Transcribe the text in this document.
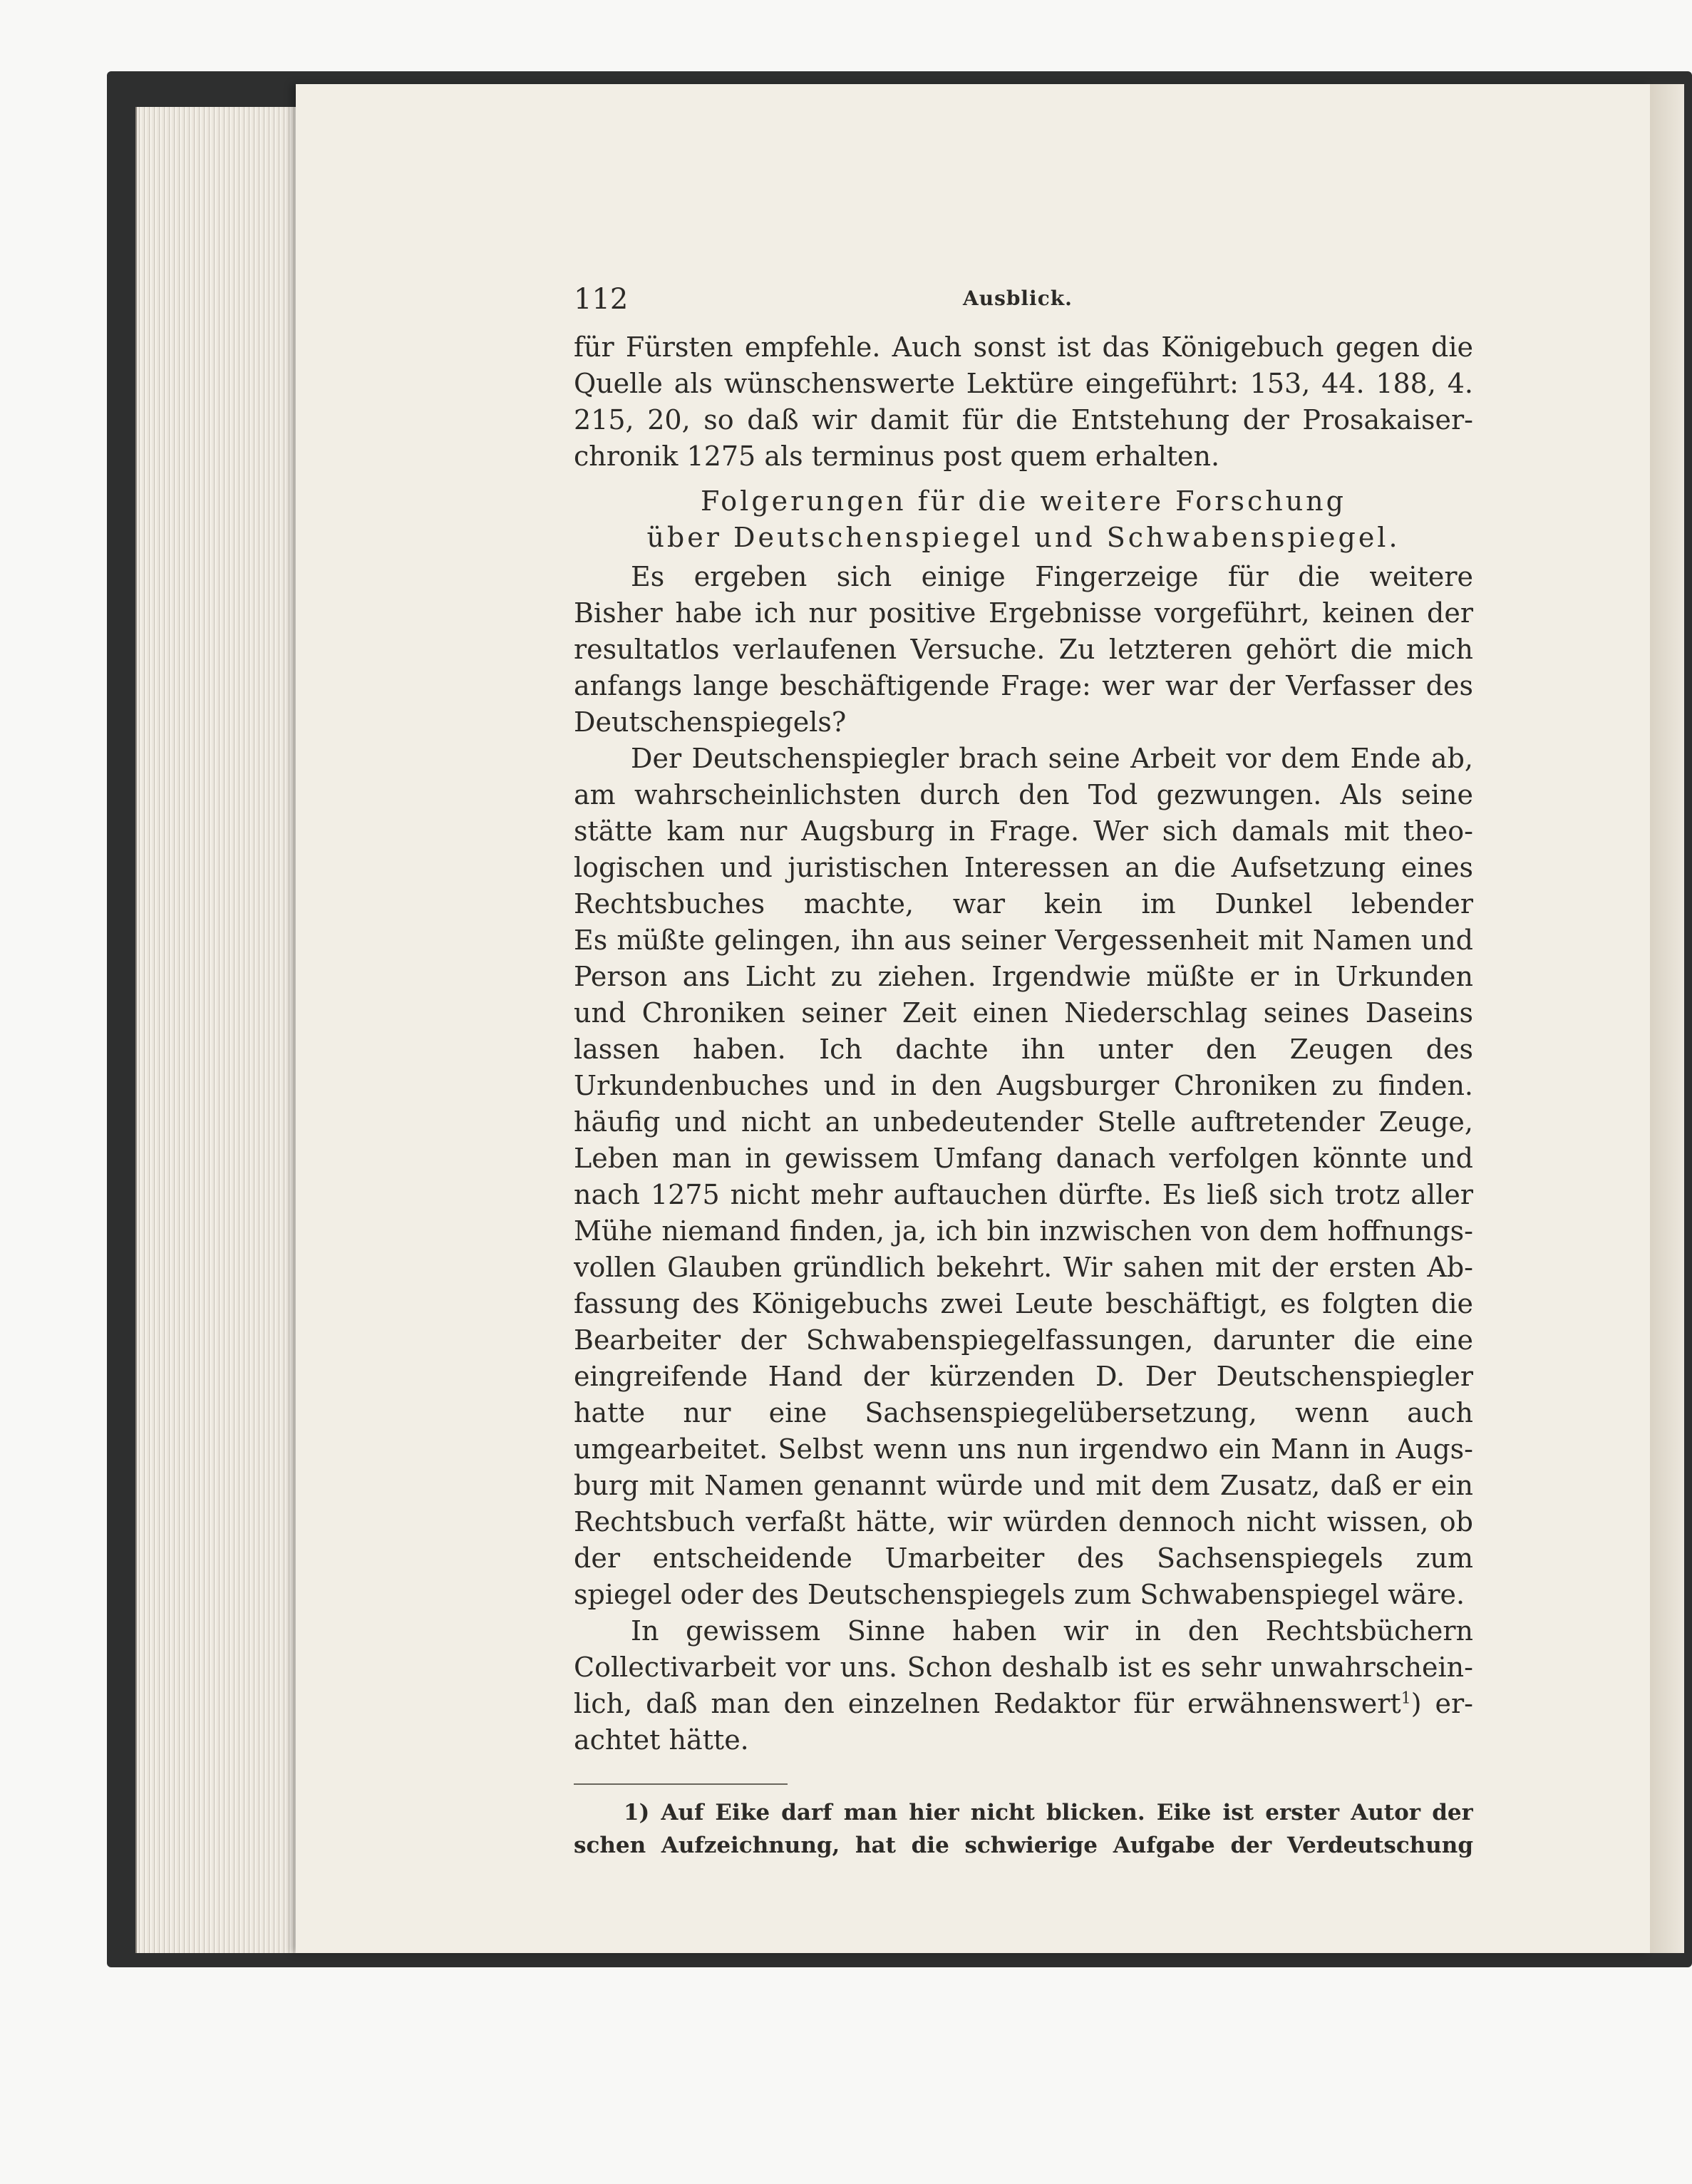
112	Ausblick.
für Fürsten empfehle. Auch sonst ist das Königebuch gegen die
Quelle als wünschenswerte Lektüre eingeführt: 153, 44. 188, 4.
215, 20, so daß wir damit für die Entstehung der Prosakaiser-
chronik 1275 als terminus post quem erhalten.
Folgerungen für die weitere Forschung
über Deutschenspiegel und Schwabenspiegel.
Es ergeben sich einige Fingerzeige für die weitere
Bisher habe ich nur positive Ergebnisse vorgeführt, keinen der
resultatlos verlaufenen Versuche. Zu letzteren gehört die mich
anfangs lange beschäftigende Frage: wer war der Verfasser des
Deutschenspiegels?
Der Deutschenspiegler brach seine Arbeit vor dem Ende ab,
am wahrscheinlichsten durch den Tod gezwungen. Als seine
stätte kam nur Augsburg in Frage. Wer sich damals mit theo-
logischen und juristischen Interessen an die Aufsetzung eines
Rechtsbuches machte, war kein im Dunkel lebender
Es müßte gelingen, ihn aus seiner Vergessenheit mit Namen und
Person ans Licht zu ziehen. Irgendwie müßte er in Urkunden
und Chroniken seiner Zeit einen Niederschlag seines Daseins
lassen haben. Ich dachte ihn unter den Zeugen des
Urkundenbuches und in den Augsburger Chroniken zu finden.
häufig und nicht an unbedeutender Stelle auftretender Zeuge,
Leben man in gewissem Umfang danach verfolgen könnte und
nach 1275 nicht mehr auftauchen dürfte. Es ließ sich trotz aller
Mühe niemand finden, ja, ich bin inzwischen von dem hoffnungs-
vollen Glauben gründlich bekehrt. Wir sahen mit der ersten Ab-
fassung des Königebuchs zwei Leute beschäftigt, es folgten die
Bearbeiter der Schwabenspiegelfassungen, darunter die eine
eingreifende Hand der kürzenden D. Der Deutschenspiegler
hatte nur eine Sachsenspiegelübersetzung, wenn auch
umgearbeitet. Selbst wenn uns nun irgendwo ein Mann in Augs-
burg mit Namen genannt würde und mit dem Zusatz, daß er ein
Rechtsbuch verfaßt hätte, wir würden dennoch nicht wissen, ob
der entscheidende Umarbeiter des Sachsenspiegels zum
spiegel oder des Deutschenspiegels zum Schwabenspiegel wäre.
In gewissem Sinne haben wir in den Rechtsbüchern
Collectivarbeit vor uns. Schon deshalb ist es sehr unwahrschein-
lich, daß man den einzelnen Redaktor für erwähnenswert$^1$) er-
achtet hätte.
1) Auf Eike darf man hier nicht blicken. Eike ist erster Autor der
schen Aufzeichnung, hat die schwierige Aufgabe der Verdeutschung
